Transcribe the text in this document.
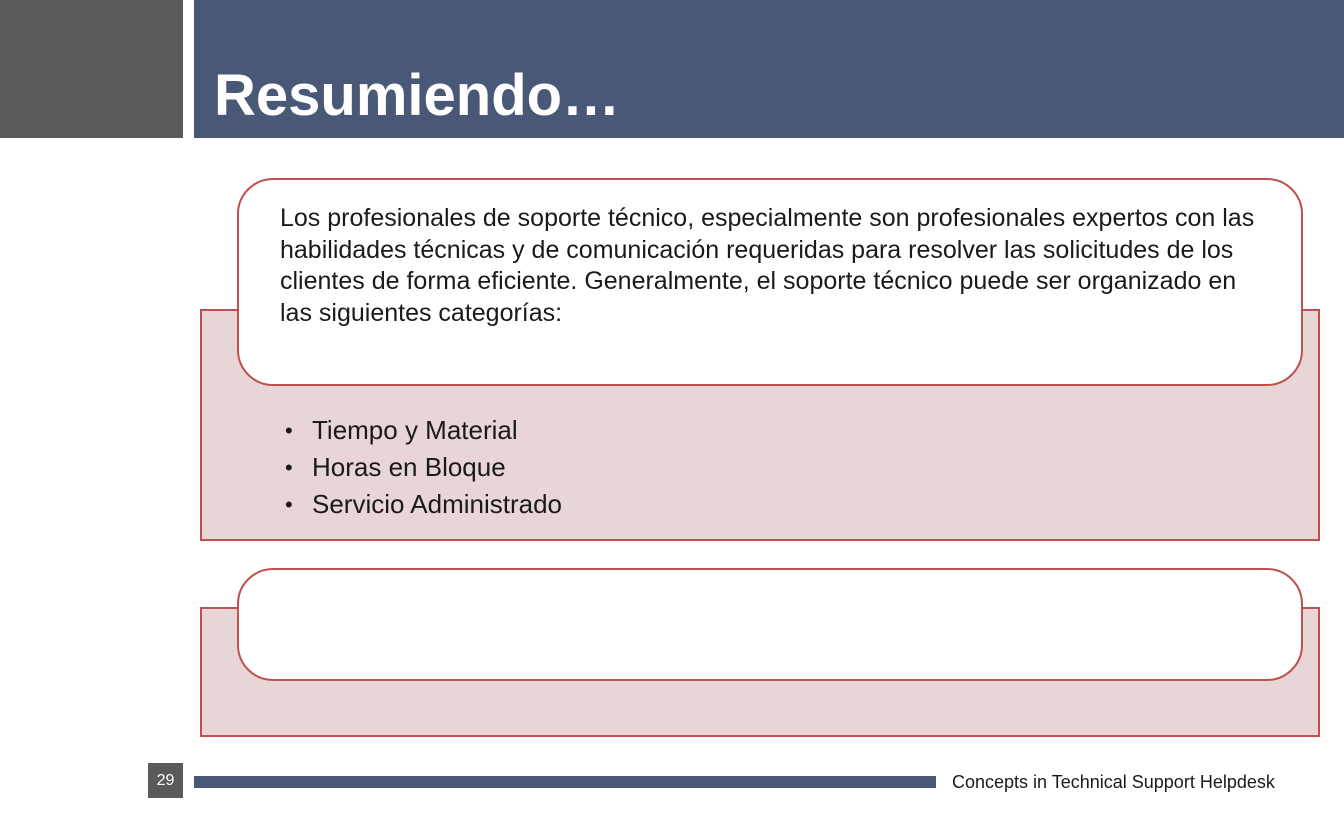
Resumiendo…

Los profesionales de soporte técnico, especialmente son profesionales expertos con las habilidades técnicas y de comunicación requeridas para resolver las solicitudes de los clientes de forma eficiente. Generalmente, el soporte técnico puede ser organizado en las siguientes categorías:

• Tiempo y Material
• Horas en Bloque
• Servicio Administrado
29	Concepts in Technical Support Helpdesk
